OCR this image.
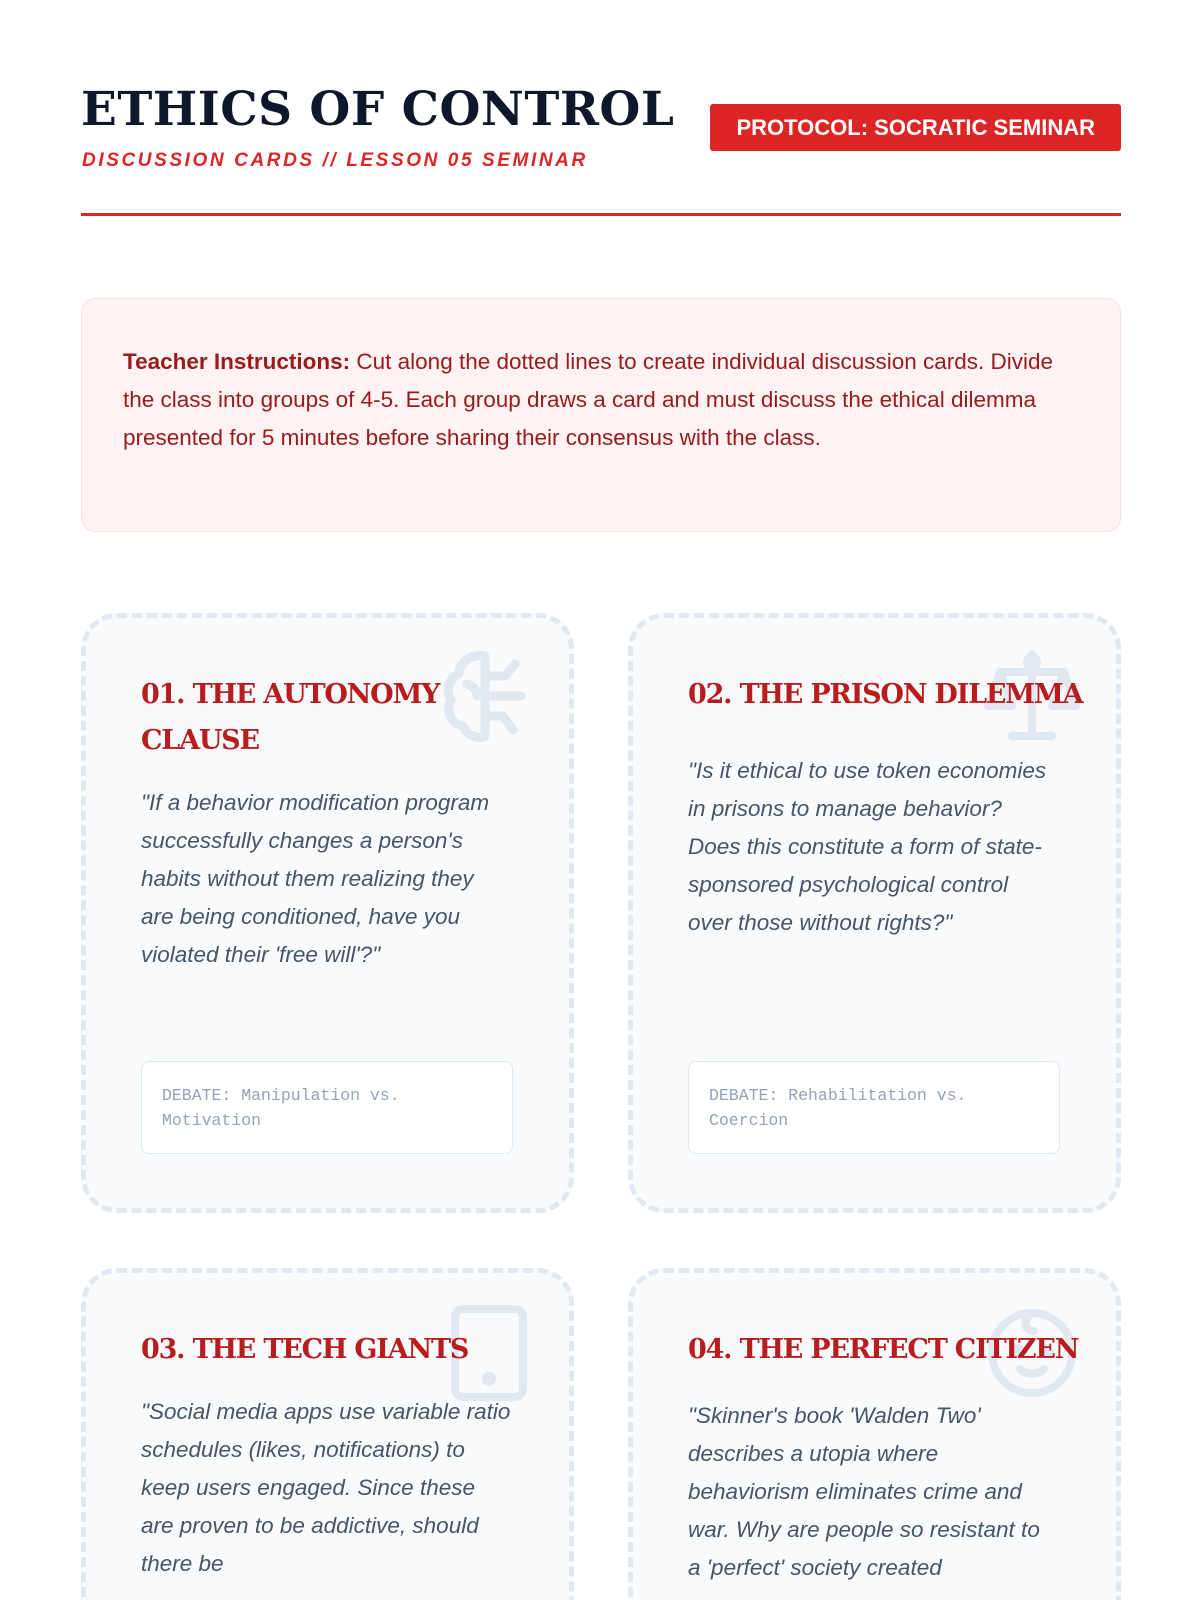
ETHICS OF CONTROL
DISCUSSION CARDS // LESSON 05 SEMINAR
PROTOCOL: SOCRATIC SEMINAR
Teacher Instructions: Cut along the dotted lines to create individual discussion cards. Divide the class into groups of 4-5. Each group draws a card and must discuss the ethical dilemma presented for 5 minutes before sharing their consensus with the class.
01. THE AUTONOMY CLAUSE
"If a behavior modification program successfully changes a person's habits without them realizing they are being conditioned, have you violated their 'free will'?"
DEBATE: Manipulation vs. Motivation
02. THE PRISON DILEMMA
"Is it ethical to use token economies in prisons to manage behavior? Does this constitute a form of state-sponsored psychological control over those without rights?"
DEBATE: Rehabilitation vs. Coercion
03. THE TECH GIANTS
"Social media apps use variable ratio schedules (likes, notifications) to keep users engaged. Since these are proven to be addictive, should there be
04. THE PERFECT CITIZEN
"Skinner's book 'Walden Two' describes a utopia where behaviorism eliminates crime and war. Why are people so resistant to a 'perfect' society created
